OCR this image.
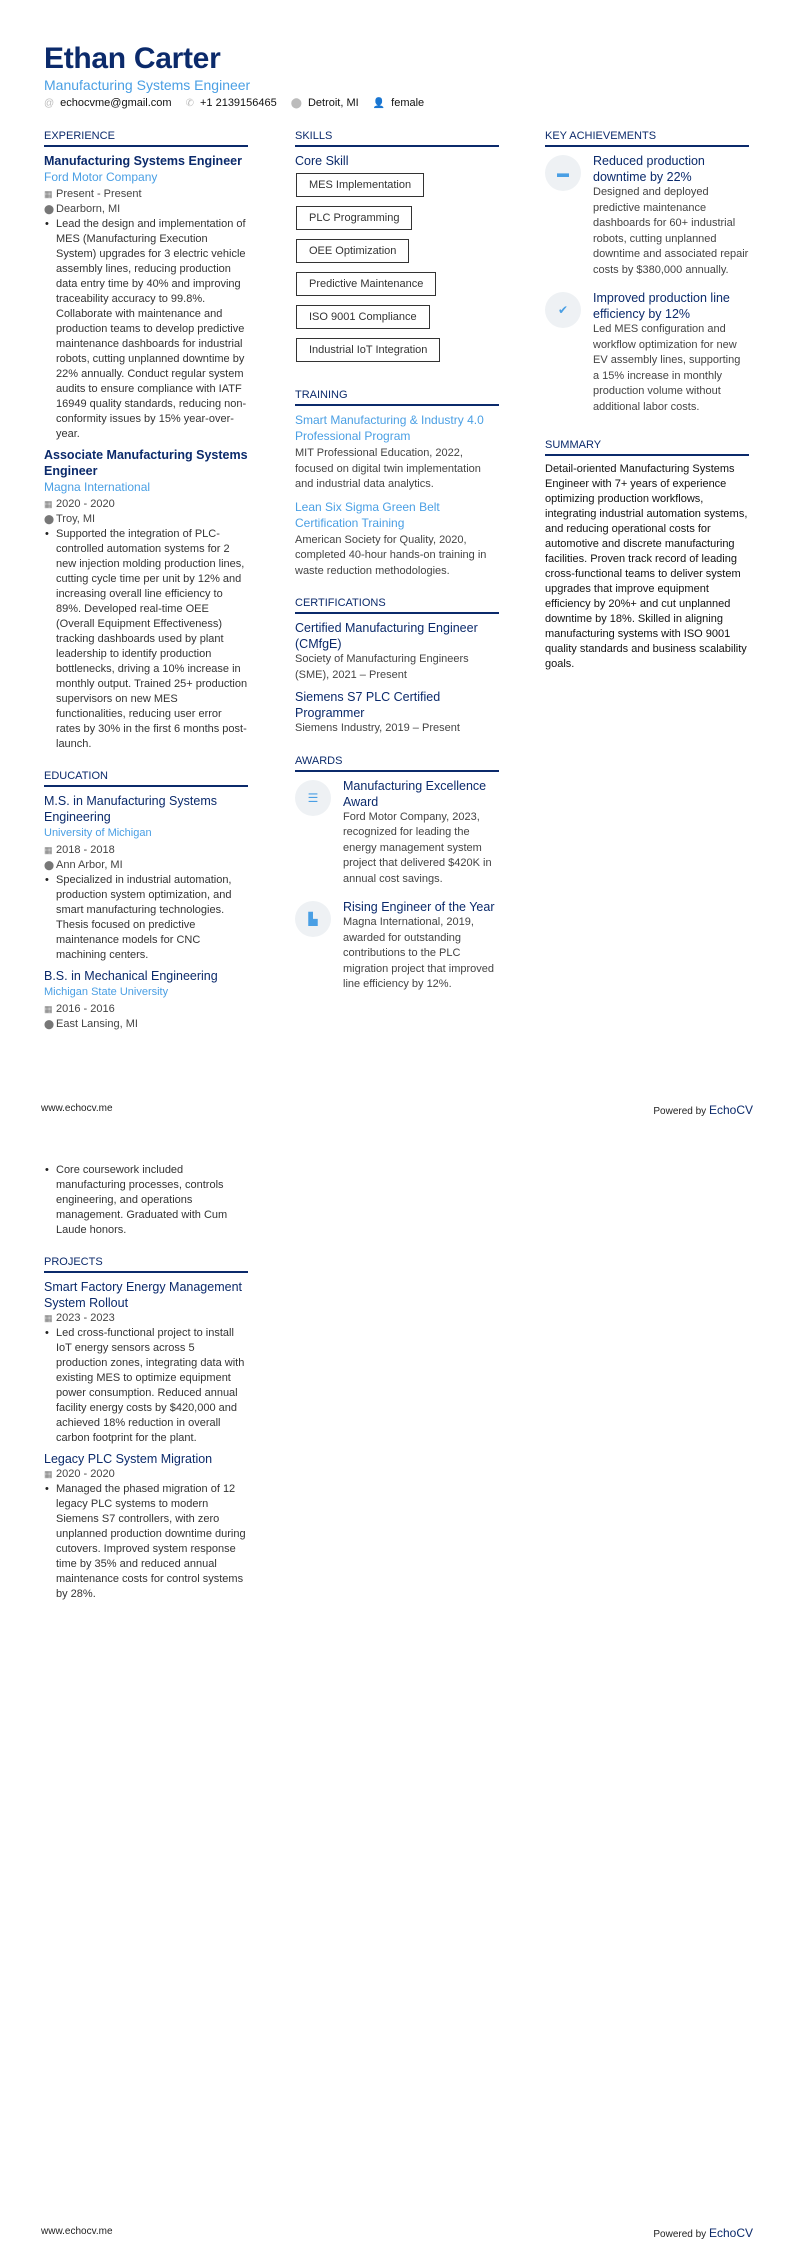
Ethan Carter
Manufacturing Systems Engineer
@ echocvme@gmail.com ✆ +1 2139156465 ⬤ Detroit, MI 👤 female
EXPERIENCE
Manufacturing Systems Engineer
Ford Motor Company
▦ Present - Present
⬤ Dearborn, MI
• Lead the design and implementation of MES (Manufacturing Execution System) upgrades for 3 electric vehicle assembly lines, reducing production data entry time by 40% and improving traceability accuracy to 99.8%. Collaborate with maintenance and production teams to develop predictive maintenance dashboards for industrial robots, cutting unplanned downtime by 22% annually. Conduct regular system audits to ensure compliance with IATF 16949 quality standards, reducing non-conformity issues by 15% year-over-year.
Associate Manufacturing Systems Engineer
Magna International
▦ 2020 - 2020
⬤ Troy, MI
• Supported the integration of PLC-controlled automation systems for 2 new injection molding production lines, cutting cycle time per unit by 12% and increasing overall line efficiency to 89%. Developed real-time OEE (Overall Equipment Effectiveness) tracking dashboards used by plant leadership to identify production bottlenecks, driving a 10% increase in monthly output. Trained 25+ production supervisors on new MES functionalities, reducing user error rates by 30% in the first 6 months post-launch.
EDUCATION
M.S. in Manufacturing Systems Engineering
University of Michigan
▦ 2018 - 2018
⬤ Ann Arbor, MI
• Specialized in industrial automation, production system optimization, and smart manufacturing technologies. Thesis focused on predictive maintenance models for CNC machining centers.
B.S. in Mechanical Engineering
Michigan State University
▦ 2016 - 2016
⬤ East Lansing, MI
SKILLS
Core Skill
MES Implementation
PLC Programming
OEE Optimization
Predictive Maintenance
ISO 9001 Compliance
Industrial IoT Integration
TRAINING
Smart Manufacturing & Industry 4.0 Professional Program
MIT Professional Education, 2022, focused on digital twin implementation and industrial data analytics.
Lean Six Sigma Green Belt Certification Training
American Society for Quality, 2020, completed 40-hour hands-on training in waste reduction methodologies.
CERTIFICATIONS
Certified Manufacturing Engineer (CMfgE)
Society of Manufacturing Engineers (SME), 2021 – Present
Siemens S7 PLC Certified Programmer
Siemens Industry, 2019 – Present
AWARDS
☰
Manufacturing Excellence Award
Ford Motor Company, 2023, recognized for leading the energy management system project that delivered $420K in annual cost savings.
▙
Rising Engineer of the Year
Magna International, 2019, awarded for outstanding contributions to the PLC migration project that improved line efficiency by 12%.
KEY ACHIEVEMENTS
▬
Reduced production downtime by 22%
Designed and deployed predictive maintenance dashboards for 60+ industrial robots, cutting unplanned downtime and associated repair costs by $380,000 annually.
✔
Improved production line efficiency by 12%
Led MES configuration and workflow optimization for new EV assembly lines, supporting a 15% increase in monthly production volume without additional labor costs.
SUMMARY
Detail-oriented Manufacturing Systems Engineer with 7+ years of experience optimizing production workflows, integrating industrial automation systems, and reducing operational costs for automotive and discrete manufacturing facilities. Proven track record of leading cross-functional teams to deliver system upgrades that improve equipment efficiency by 20%+ and cut unplanned downtime by 18%. Skilled in aligning manufacturing systems with ISO 9001 quality standards and business scalability goals.
www.echocv.me	Powered by EchoCV
• Core coursework included manufacturing processes, controls engineering, and operations management. Graduated with Cum Laude honors.
PROJECTS
Smart Factory Energy Management System Rollout
▦ 2023 - 2023
• Led cross-functional project to install IoT energy sensors across 5 production zones, integrating data with existing MES to optimize equipment power consumption. Reduced annual facility energy costs by $420,000 and achieved 18% reduction in overall carbon footprint for the plant.
Legacy PLC System Migration
▦ 2020 - 2020
• Managed the phased migration of 12 legacy PLC systems to modern Siemens S7 controllers, with zero unplanned production downtime during cutovers. Improved system response time by 35% and reduced annual maintenance costs for control systems by 28%.
www.echocv.me	Powered by EchoCV
